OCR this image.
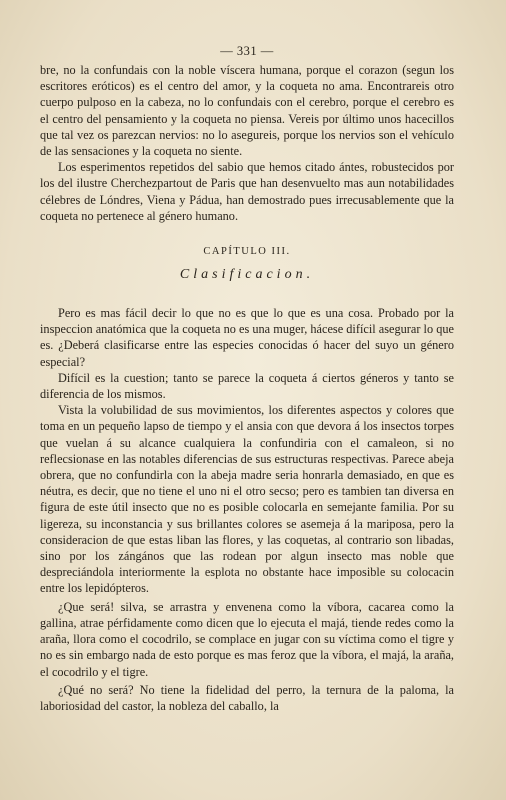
— 331 —

bre, no la confundais con la noble víscera humana, porque el corazon (segun los escritores eróticos) es el centro del amor, y la coqueta no ama. Encontrareis otro cuerpo pulposo en la cabeza, no lo confundais con el cerebro, porque el cerebro es el centro del pensamiento y la coqueta no piensa. Vereis por último unos hacecillos que tal vez os parezcan nervios: no lo asegureis, porque los nervios son el vehículo de las sensaciones y la coqueta no siente.

Los esperimentos repetidos del sabio que hemos citado ántes, robustecidos por los del ilustre Cherchezpartout de Paris que han desenvuelto mas aun notabilidades célebres de Lóndres, Viena y Pádua, han demostrado pues irrecusablemente que la coqueta no pertenece al género humano.

CAPÍTULO III.
Clasificacion.

Pero es mas fácil decir lo que no es que lo que es una cosa. Probado por la inspeccion anatómica que la coqueta no es una muger, hácese difícil asegurar lo que es. ¿Deberá clasificarse entre las especies conocidas ó hacer del suyo un género especial?

Difícil es la cuestion; tanto se parece la coqueta á ciertos géneros y tanto se diferencia de los mismos.

Vista la volubilidad de sus movimientos, los diferentes aspectos y colores que toma en un pequeño lapso de tiempo y el ansia con que devora á los insectos torpes que vuelan á su alcance cualquiera la confundiria con el camaleon, si no reflecsionase en las notables diferencias de sus estructuras respectivas. Parece abeja obrera, que no confundirla con la abeja madre seria honrarla demasiado, en que es néutra, es decir, que no tiene el uno ni el otro secso; pero es tambien tan diversa en figura de este útil insecto que no es posible colocarla en semejante familia. Por su ligereza, su inconstancia y sus brillantes colores se asemeja á la mariposa, pero la consideracion de que estas liban las flores, y las coquetas, al contrario son libadas, sino por los zángános que las rodean por algun insecto mas noble que despreciándola interiormente la esplota no obstante hace imposible su colocacin entre los lepidópteros.

¿Que será! silva, se arrastra y envenena como la víbora, cacarea como la gallina, atrae pérfidamente como dicen que lo ejecuta el majá, tiende redes como la araña, llora como el cocodrilo, se complace en jugar con su víctima como el tigre y no es sin embargo nada de esto porque es mas feroz que la víbora, el majá, la araña, el cocodrilo y el tigre.

¿Qué no será? No tiene la fidelidad del perro, la ternura de la paloma, la laboriosidad del castor, la nobleza del caballo, la
